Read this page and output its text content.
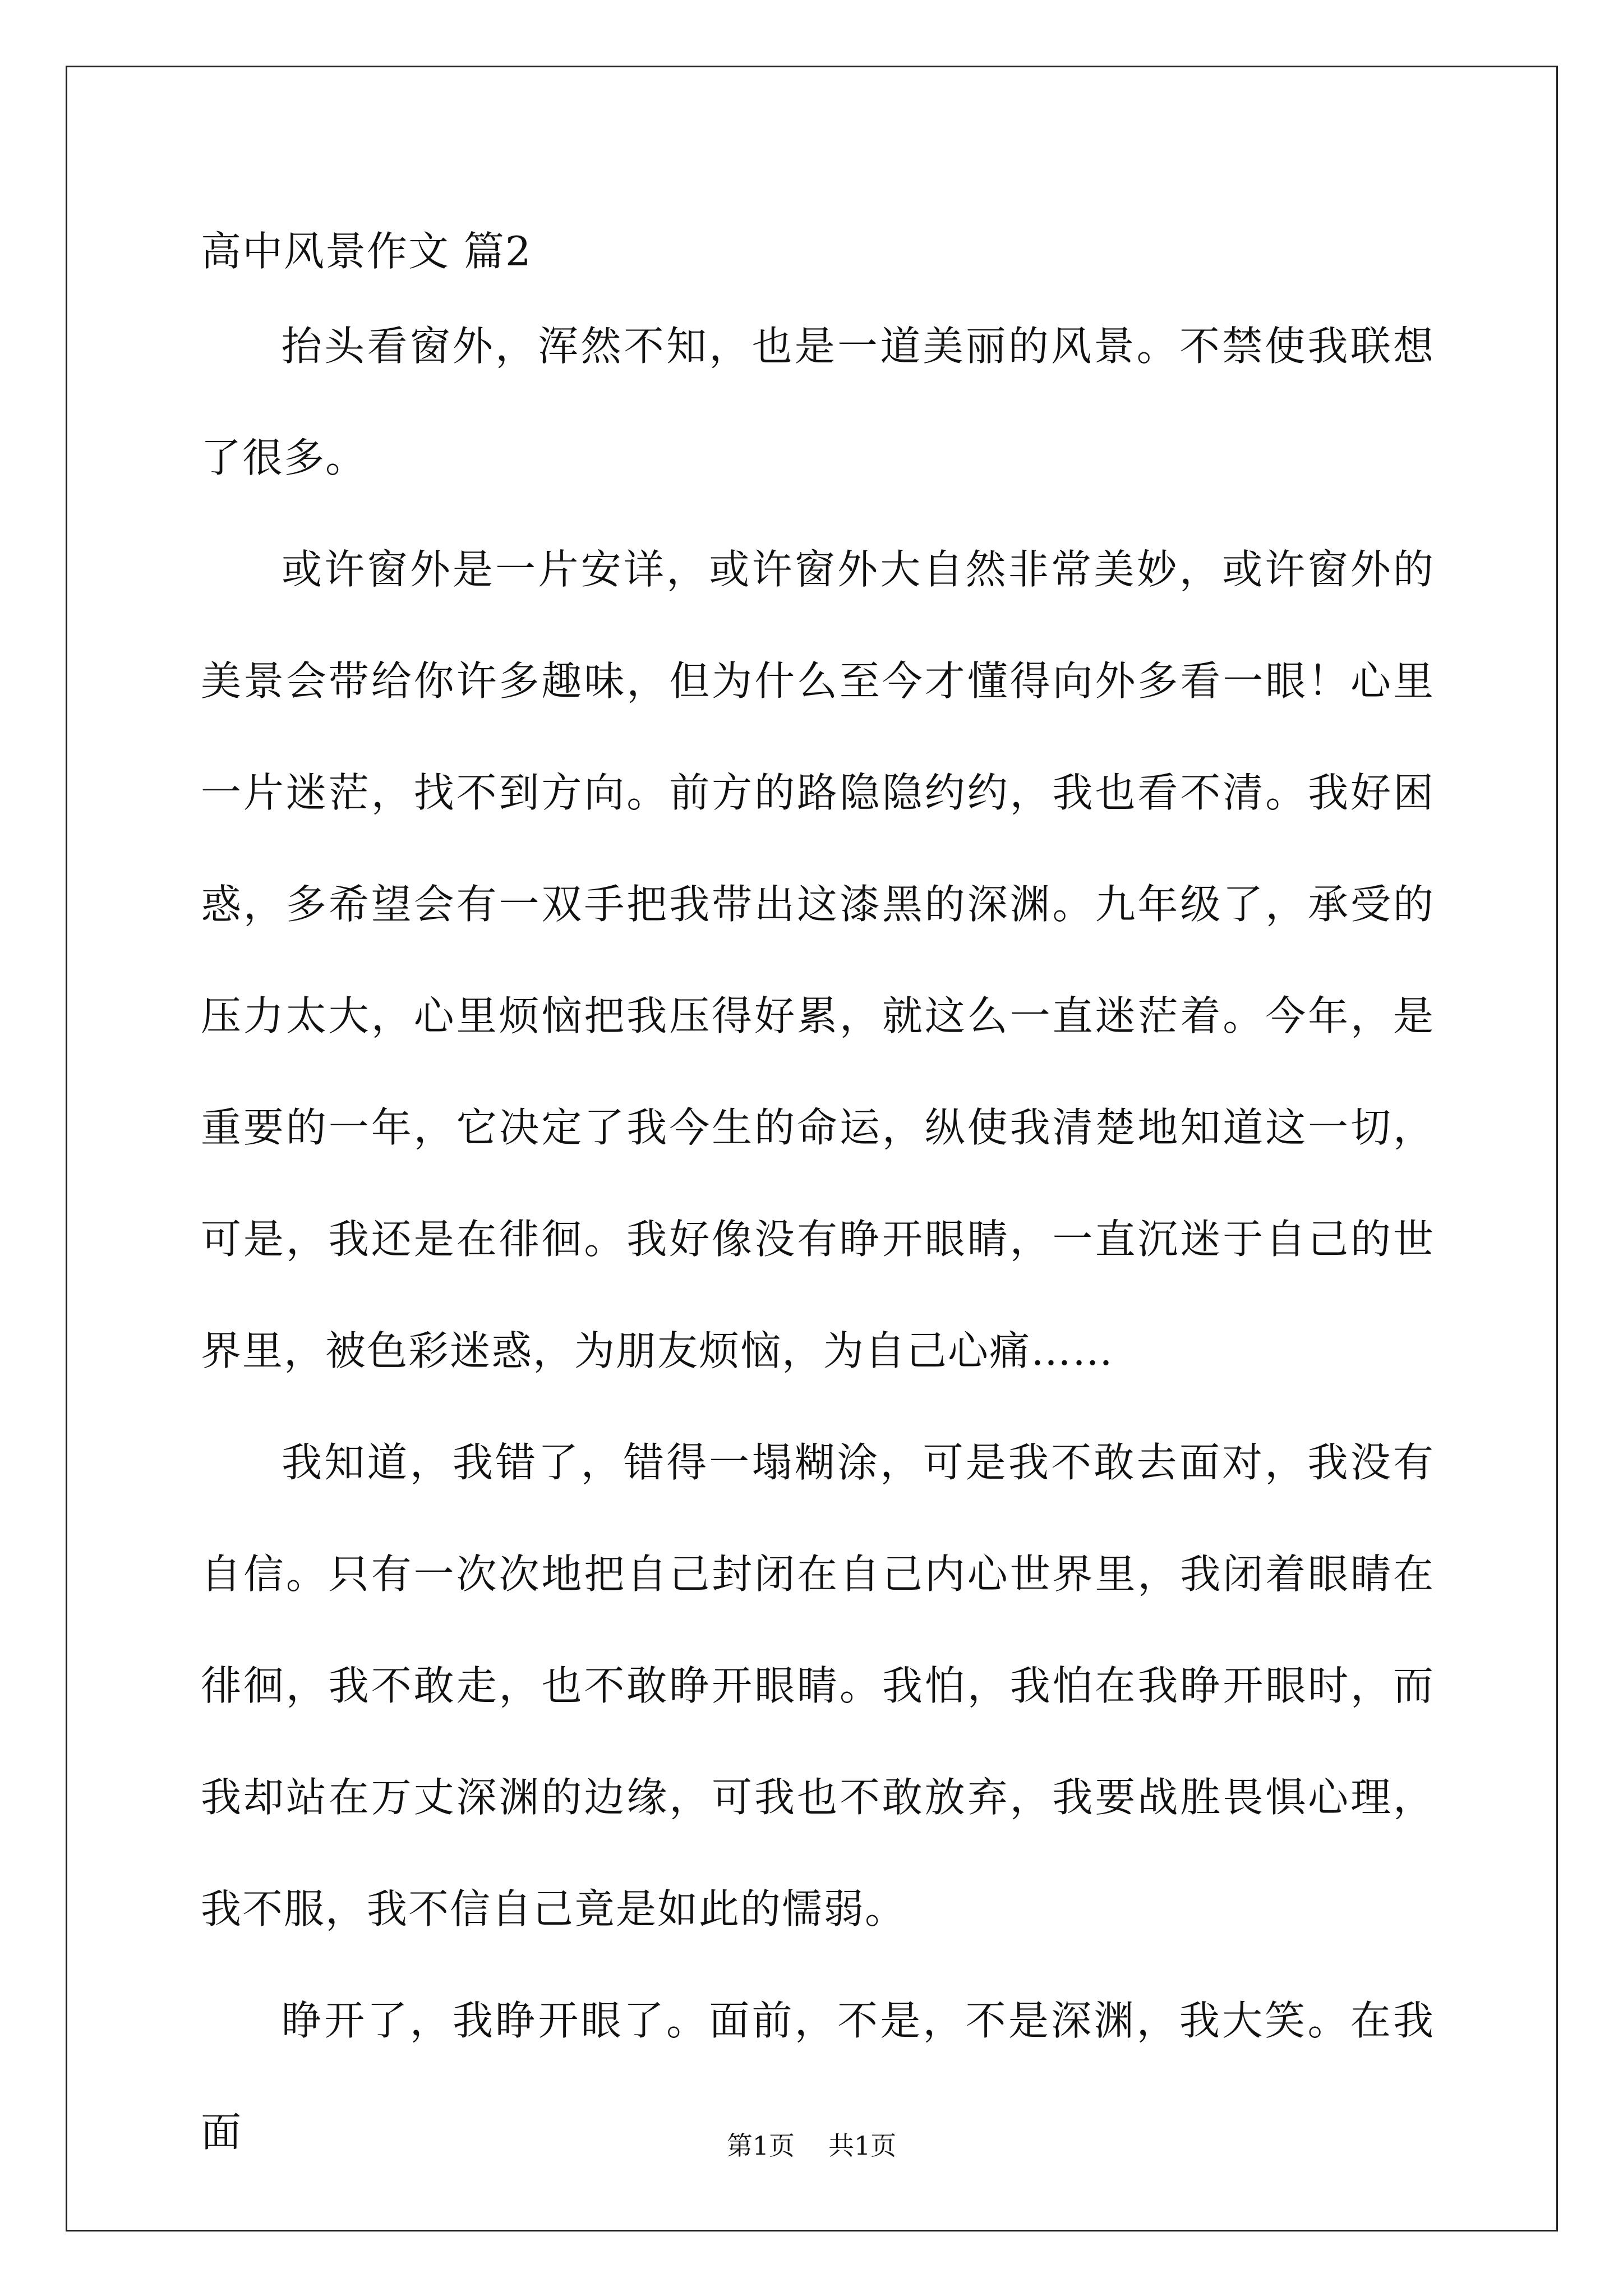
高中风景作文 篇2

抬头看窗外，浑然不知，也是一道美丽的风景。不禁使我联想了很多。

或许窗外是一片安详，或许窗外大自然非常美妙，或许窗外的美景会带给你许多趣味，但为什么至今才懂得向外多看一眼！心里一片迷茫，找不到方向。前方的路隐隐约约，我也看不清。我好困惑，多希望会有一双手把我带出这漆黑的深渊。九年级了，承受的压力太大，心里烦恼把我压得好累，就这么一直迷茫着。今年，是重要的一年，它决定了我今生的命运，纵使我清楚地知道这一切，可是，我还是在徘徊。我好像没有睁开眼睛，一直沉迷于自己的世界里，被色彩迷惑，为朋友烦恼，为自己心痛……

我知道，我错了，错得一塌糊涂，可是我不敢去面对，我没有自信。只有一次次地把自己封闭在自己内心世界里，我闭着眼睛在徘徊，我不敢走，也不敢睁开眼睛。我怕，我怕在我睁开眼时，而我却站在万丈深渊的边缘，可我也不敢放弃，我要战胜畏惧心理，我不服，我不信自己竟是如此的懦弱。

睁开了，我睁开眼了。面前，不是，不是深渊，我大笑。在我面	第1页 共1页
